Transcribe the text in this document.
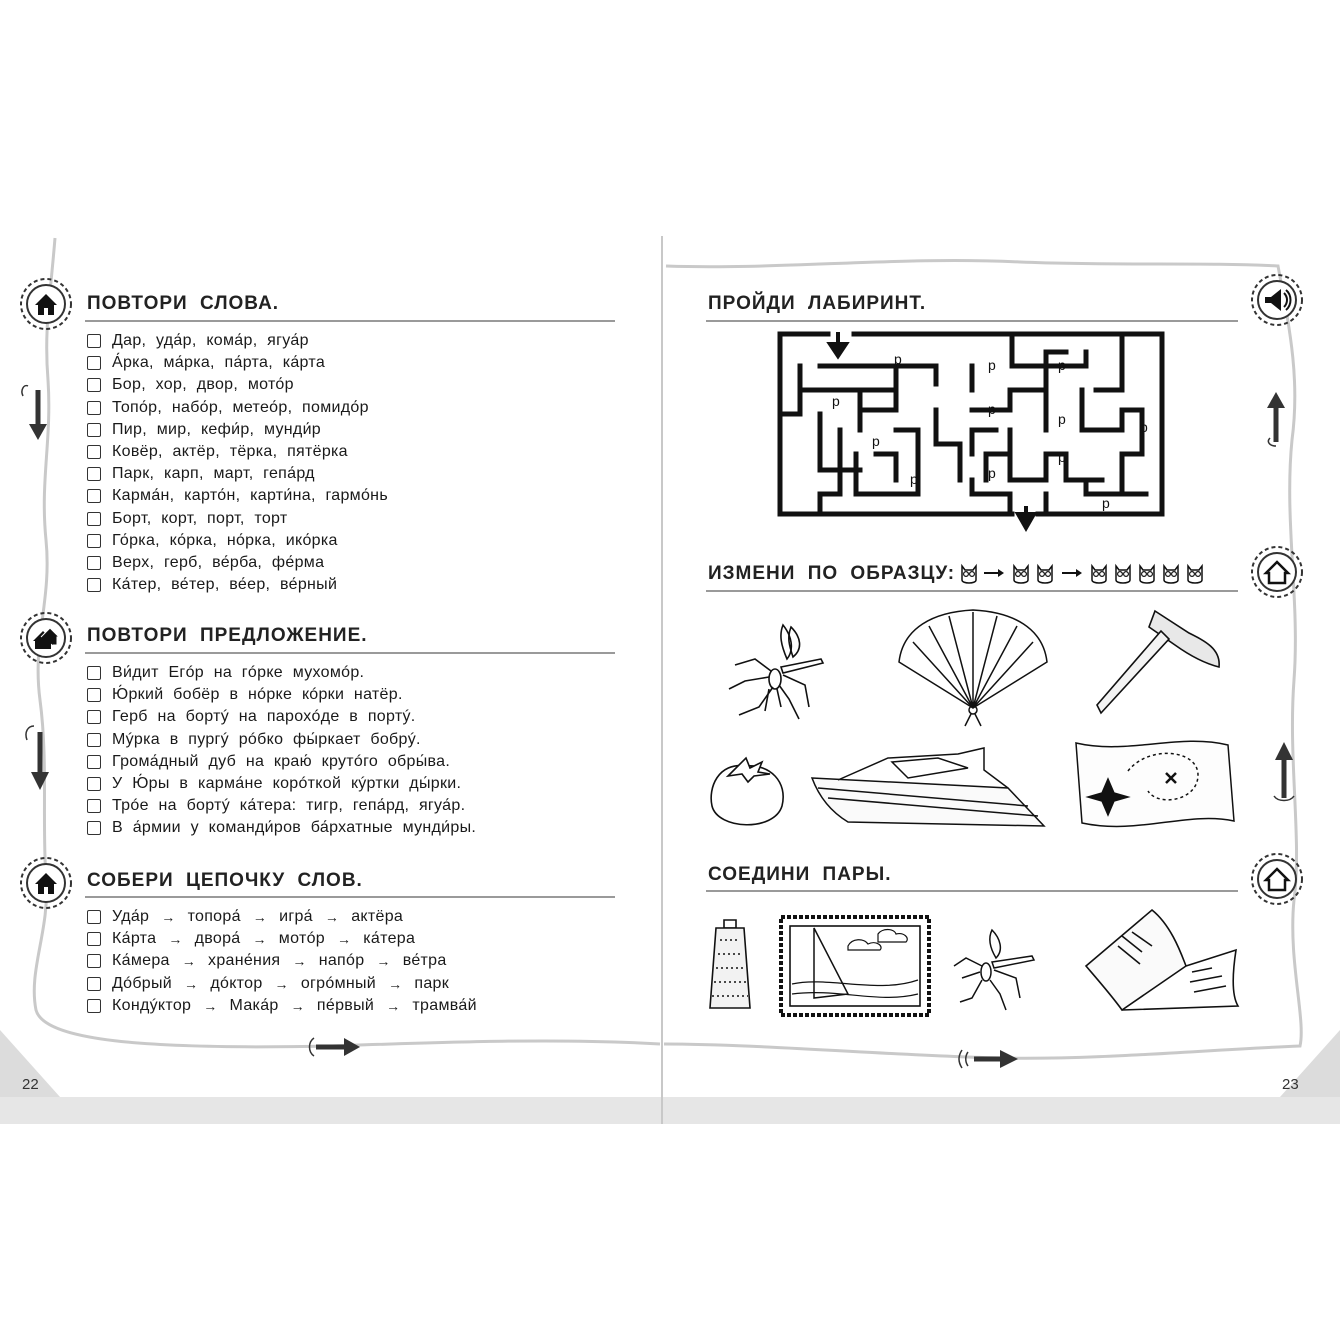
ПОВТОРИ СЛОВА.
Дар, уда́р, кома́р, ягуа́р
А́рка, ма́рка, па́рта, ка́рта
Бор, хор, двор, мото́р
Топо́р, набо́р, метео́р, помидо́р
Пир, мир, кефи́р, мунди́р
Ковёр, актёр, тёрка, пятёрка
Парк, карп, март, гепа́рд
Карма́н, карто́н, карти́на, гармо́нь
Борт, корт, порт, торт
Го́рка, ко́рка, но́рка, ико́рка
Верх, герб, ве́рба, фе́рма
Ка́тер, ве́тер, ве́ер, ве́рный
ПОВТОРИ ПРЕДЛОЖЕНИЕ.
Ви́дит Егóр на гóрке мухомóр.
Ю́ркий бобёр в нóрке кóрки натёр.
Герб на бортý на парохóде в портý.
Мýрка в пургý рóбко фы́ркает бобрý.
Грома́дный дуб на краю́ крутóго обры́ва.
У Ю́ры в карма́не корóткой кýртки ды́рки.
Трóе на бортý ка́тера: тигр, гепа́рд, ягуа́р.
В а́рмии у команди́ров ба́рхатные мунди́ры.
СОБЕРИ ЦЕПОЧКУ СЛОВ.
Уда́р → топора́ → игра́ → актёра
Ка́рта → двора́ → мотóр → ка́тера
Ка́мера → хране́ния → напóр → ве́тра
Дóбрый → дóктор → огрóмный → парк
Кондýктор → Мака́р → пе́рвый → трамва́й
22
ПРОЙДИ ЛАБИРИНТ.
р	р	р
р	р
р
р
р
р
р
р
р
ИЗМЕНИ ПО ОБРАЗЦУ:
СОЕДИНИ ПАРЫ.
23
